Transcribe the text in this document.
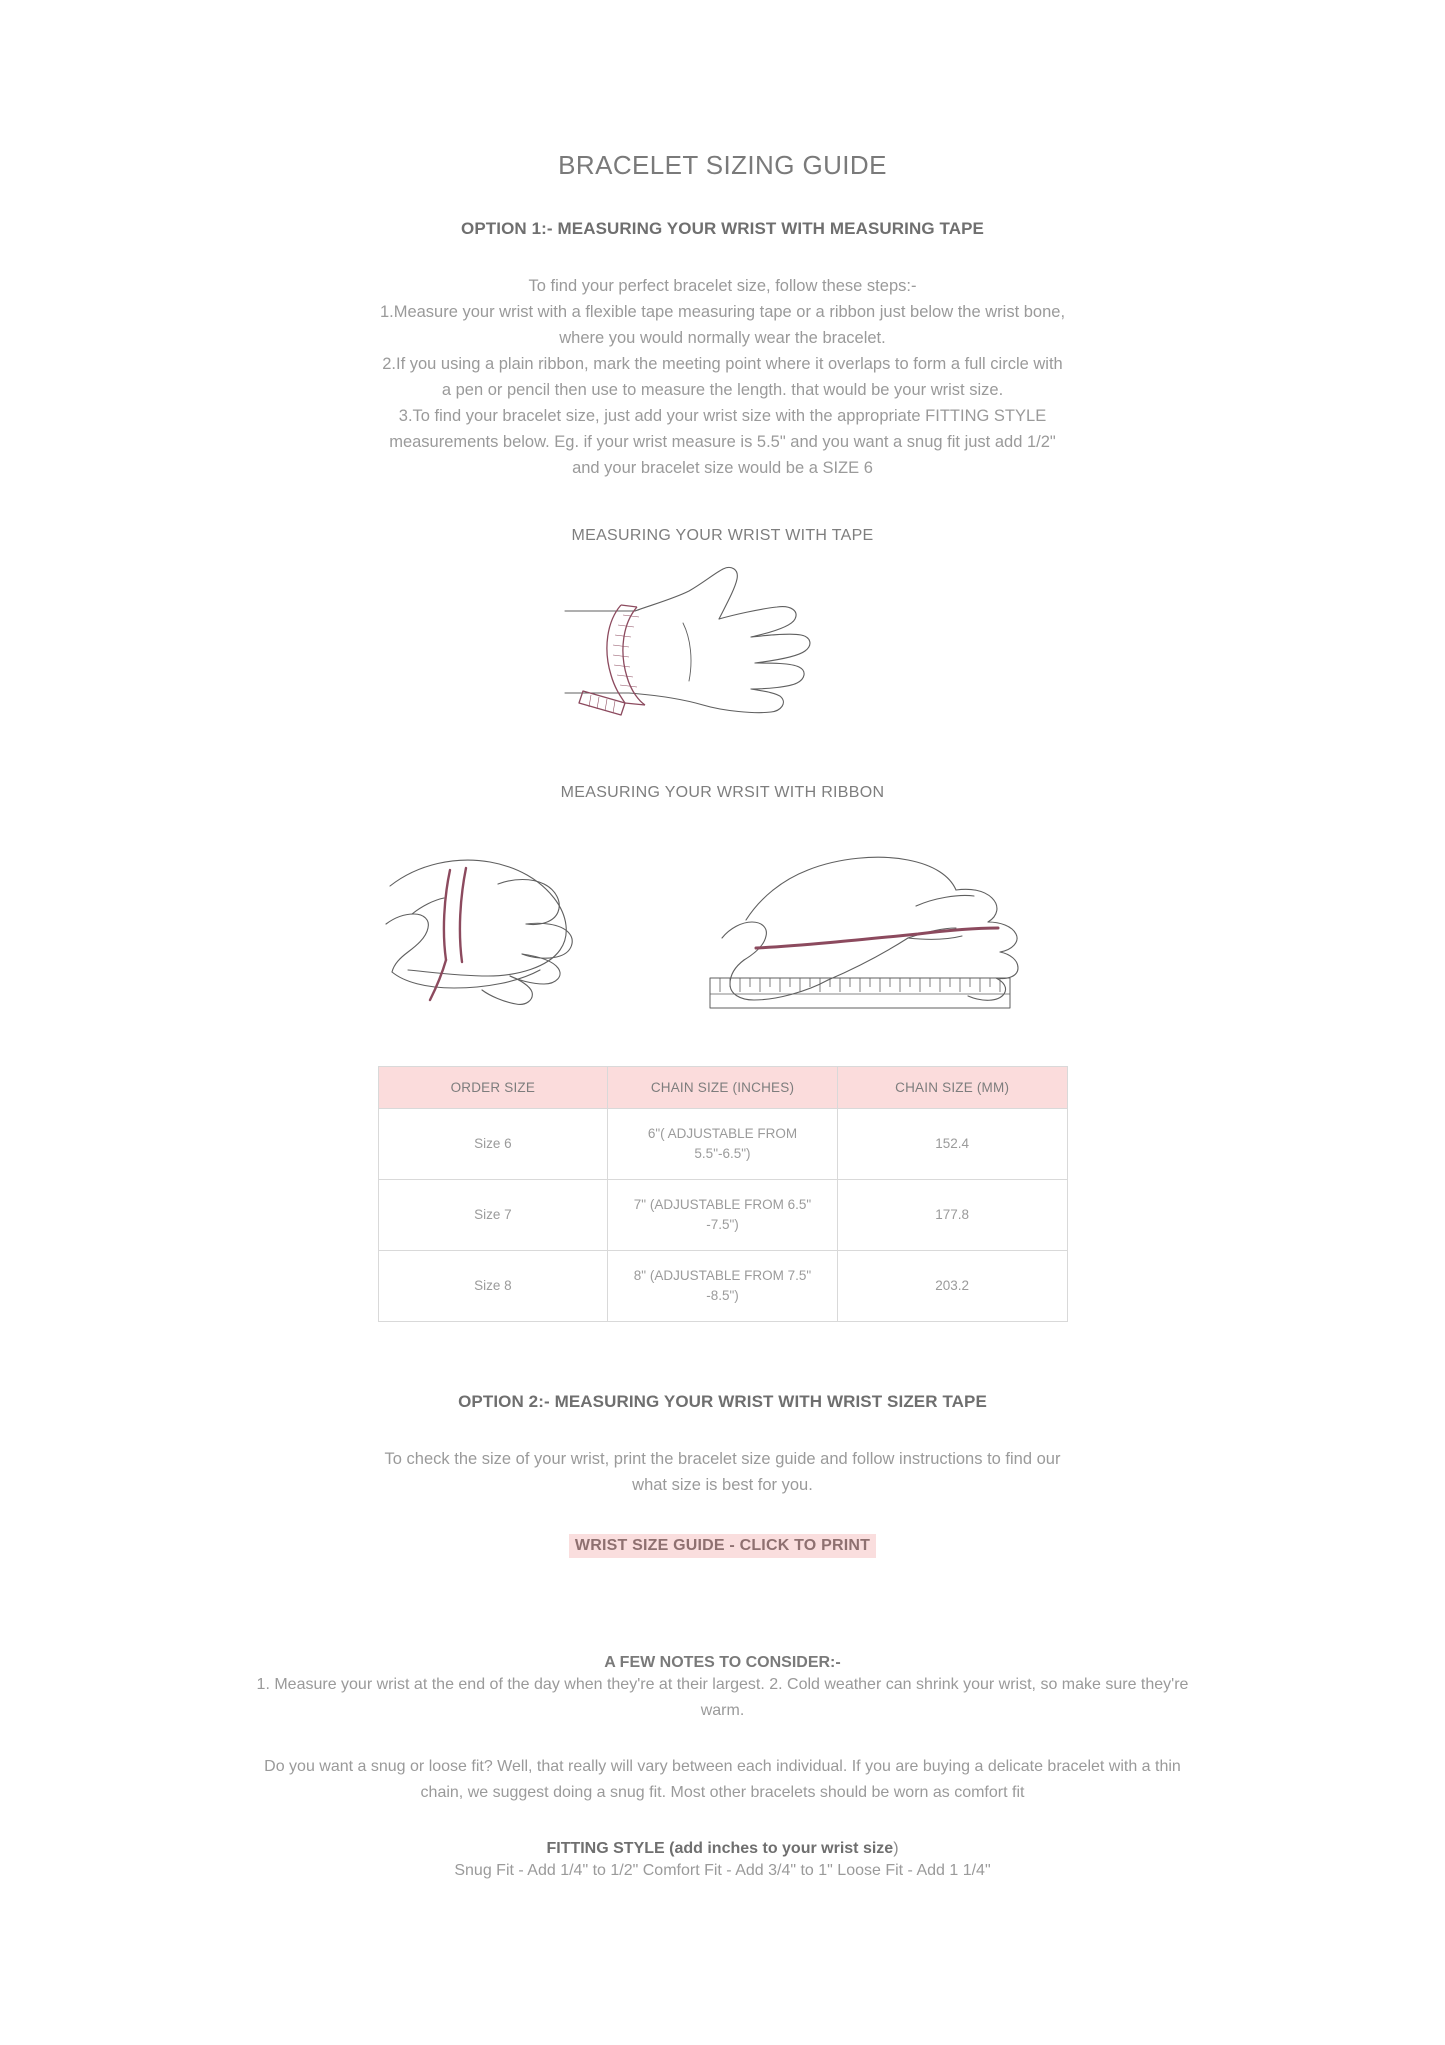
BRACELET SIZING GUIDE
OPTION 1:- MEASURING YOUR WRIST WITH MEASURING TAPE

To find your perfect bracelet size, follow these steps:-
1.Measure your wrist with a flexible tape measuring tape or a ribbon just below the wrist bone,
where you would normally wear the bracelet.
2.If you using a plain ribbon, mark the meeting point where it overlaps to form a full circle with
a pen or pencil then use to measure the length. that would be your wrist size.
3.To find your bracelet size, just add your wrist size with the appropriate FITTING STYLE
measurements below. Eg. if your wrist measure is 5.5" and you want a snug fit just add 1/2"
and your bracelet size would be a SIZE 6

MEASURING YOUR WRIST WITH TAPE
MEASURING YOUR WRSIT WITH RIBBON
ORDER SIZE	CHAIN SIZE (INCHES)	CHAIN SIZE (MM)
Size 6	6"( ADJUSTABLE FROM 5.5"-6.5")	152.4
Size 7	7" (ADJUSTABLE FROM 6.5" -7.5")	177.8
Size 8	8" (ADJUSTABLE FROM 7.5" -8.5")	203.2
OPTION 2:- MEASURING YOUR WRIST WITH WRIST SIZER TAPE

To check the size of your wrist, print the bracelet size guide and follow instructions to find our
what size is best for you.

WRIST SIZE GUIDE - CLICK TO PRINT
A FEW NOTES TO CONSIDER:-

1. Measure your wrist at the end of the day when they're at their largest. 2. Cold weather can shrink your wrist, so make sure they're warm.

Do you want a snug or loose fit? Well, that really will vary between each individual. If you are buying a delicate bracelet with a thin chain, we suggest doing a snug fit. Most other bracelets should be worn as comfort fit
FITTING STYLE (add inches to your wrist size)
Snug Fit - Add 1/4" to 1/2" Comfort Fit - Add 3/4" to 1" Loose Fit - Add 1 1/4"
